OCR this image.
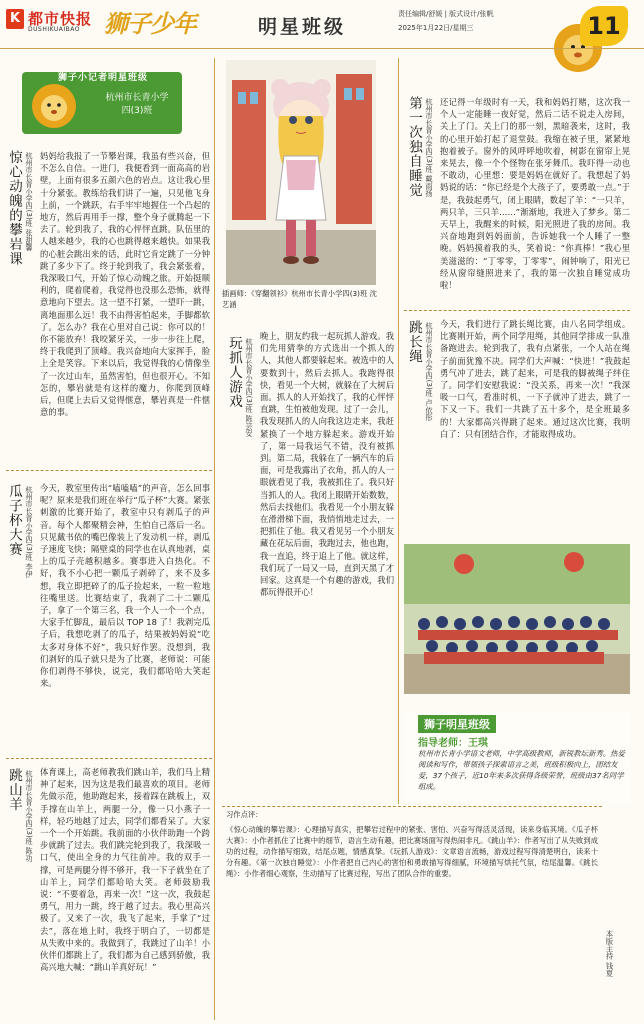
K 都市快报
DUSHIKUAIBAO 狮子少年	明星班级
责任编辑/舒媛 | 版式设计/张帆
2025年1月22日/星期三	11
狮子小记者明星班级
杭州市长青小学
四(3)班
惊心动魄的攀岩课 杭州市长青小学四(3)班 张甜馨 妈妈给我报了一节攀岩课，我虽有些兴奋，但不怎么自信。一进门，我便看到一面高高的岩壁，上面有很多五颜六色的岩点。这让我心里十分紧张。教练给我们讲了一遍，只见他飞身上前，一个跳跃，右手牢牢地握住一个凸起的地方，然后再用手一撑，整个身子就腾起一下去了。轮到我了，我的心怦怦直跳。队伍里的人越来越少，我的心也跳得越来越快。如果我的心脏会跳出来的话，此时它肯定跳了一分钟跳了多少下了。终于轮到我了，我会紧张着，我深吸口气，开始了惊心动魄之旅。开始挺顺利的，爬着爬着，我觉得也没那么恐怖，就得意地向下望去。这一望不打紧，一望吓一跳，离地面那么远！我不由得害怕起来，手脚都软了。怎么办？我在心里对自己说：你可以的！你不能放弃！我咬紧牙关，一步一步往上爬，终于我爬到了顶峰。我兴奋地向大家挥手，脸上全是笑容。下来以后，我觉得我的心情像坐了一次过山车，虽然害怕，但也很开心。不知怎的，攀岩就是有这样的魔力，你爬到顶峰后，但爬上去后又觉得惬意，攀岩真是一件惬意的事。
瓜子杯大赛 杭州市长青小学四(3)班 李伊 今天，教室里传出“嗑嗑嗑”的声音，怎么回事呢？原来是我们班在举行“瓜子杯”大赛。紧张刺激的比赛开始了，教室中只有剥瓜子的声音。每个人都聚精会神，生怕自己落后一名。只见戴书依的嘴巴像装上了发动机一样，剥瓜子速度飞快；隔壁桌的同学也在认真地剥，桌上的瓜子壳越积越多。赛事进入白热化。不好，我不小心把一颗瓜子剥碎了，来不及多想，我立即把碎了的瓜子捡起来，一粒一粒地往嘴里送。比赛结束了，我剥了二十二颗瓜子，拿了一个第三名，我一个人一个一个点，大家手忙脚乱，最后以 TOP 18 了！我剥完瓜子后，我想吃剥了的瓜子，结果被妈妈说“吃太多对身体不好”，我只好作罢。没想到，我们剥好的瓜子就只是为了比赛，老师说：可能你们剥得不够快，说完，我们都哈哈大笑起来。
跳山羊 杭州市长青小学四(3)班 陈功 体育课上，高老师教我们跳山羊，我们马上精神了起来，因为这是我们最喜欢的项目。老师先做示范，他助跑起来，接着踩在跳板上，双手撑在山羊上，两腿一分，像一只小燕子一样，轻巧地越了过去，同学们都看呆了。大家一个一个开始跳。我前面的小伙伴助跑一个跨步就跳了过去。我们跳完轮到我了，我深吸一口气，使出全身的力气往前冲。我的双手一撑，可是两腿分得不够开，我一下子就坐在了山羊上，同学们都哈哈大笑。老师鼓励我说：“不要着急，再来一次！”这一次，我鼓起勇气，用力一跳，终于越了过去。我心里高兴极了。又来了一次，我飞了起来，手掌了“过去”，落在地上时，我终于明白了，一切都是从失败中来的。我做到了，我跳过了山羊！小伙伴们都跳上了，我们都为自己感到骄傲，我高兴地大喊：“跳山羊真好玩！”
插画师：《穿翻领衫》杭州市长青小学四(3)班 沈艺涵
玩抓人游戏 杭州市长青小学四(3)班 陈芸安
晚上，朋友约我一起玩抓人游戏。我们先用猜拳的方式选出一个抓人的人，其他人都要躲起来。被选中的人要数到十，然后去抓人。我跑得很快，看见一个大树，就躲在了大树后面。抓人的人开始找了，我的心怦怦直跳，生怕被他发现。过了一会儿，我发现抓人的人向我这边走来，我赶紧换了一个地方躲起来。游戏开始了，第一局我运气不错，没有被抓到。第二局，我躲在了一辆汽车的后面，可是我露出了衣角，抓人的人一眼就看见了我，我被抓住了。我只好当抓人的人。我闭上眼睛开始数数，然后去找他们。我看见一个小朋友躲在滑滑梯下面，我悄悄地走过去，一把抓住了他。我又看见另一个小朋友藏在花坛后面，我跑过去，他也跑，我一直追，终于追上了他。就这样，我们玩了一局又一局，直到天黑了才回家。这真是一个有趣的游戏，我们都玩得很开心！
第一次独自睡觉 杭州市长青小学四(3)班 戴雨扬 还记得一年级时有一天，我和妈妈打赌，这次我一个人一定能睡一夜好觉，然后二话不说走入房间，关上了门。关上门的那一刻，黑暗袭来，这时，我的心里开始打起了退堂鼓。我缩在被子里，紧紧地抱着被子。窗外的风呼呼地吹着，树影在窗帘上晃来晃去，像一个个怪物在张牙舞爪。我吓得一动也不敢动，心里想：要是妈妈在就好了。我想起了妈妈说的话：“你已经是个大孩子了，要勇敢一点。”于是，我鼓起勇气，闭上眼睛，数起了羊：“一只羊，两只羊，三只羊……”渐渐地，我进入了梦乡。第二天早上，我醒来的时候，阳光照进了我的房间。我兴奋地跑到妈妈面前，告诉她我一个人睡了一整晚。妈妈摸着我的头，笑着说：“你真棒！”我心里美滋滋的：“丁零零，丁零零”，闹钟响了，阳光已经从窗帘缝照进来了，我的第一次独自睡觉成功啦！
跳长绳 杭州市长青小学四(3)班 卢依彤 今天，我们进行了跳长绳比赛，由八名同学组成。比赛刚开始，两个同学甩绳，其他同学排成一队准备跑进去。轮到我了，我有点紧张，一个人站在绳子前面犹豫不决。同学们大声喊：“快进！”我鼓起勇气冲了进去，跳了起来，可是我的脚被绳子绊住了。同学们安慰我说：“没关系，再来一次！”我深吸一口气，看准时机，一下子就冲了进去，跳了一下又一下。我们一共跳了五十多个，是全班最多的！大家都高兴得跳了起来。通过这次比赛，我明白了：只有团结合作，才能取得成功。
狮子明星班级
指导老师：王琪
杭州市长青小学语文老师，中学高级教师，新锐教坛新秀。热爱阅读和写作，带领孩子探索语言之美，班级积极向上，团结友爱，37个孩子，近10年来多次获得各级荣誉，班级由37名同学组成。
习作点评：
《惊心动魄的攀岩课》：心理描写真实，把攀岩过程中的紧张、害怕、兴奋写得活灵活现，读来身临其境。《瓜子杯大赛》：小作者抓住了比赛中的细节，语言生动有趣，把比赛场面写得热闹非凡。《跳山羊》：作者写出了从失败到成功的过程，动作描写细致，结尾点题，情感真挚。《玩抓人游戏》：文章语言流畅，游戏过程写得清楚明白，读来十分有趣。《第一次独自睡觉》：小作者把自己内心的害怕和勇敢描写得细腻，环境描写烘托气氛，结尾温馨。《跳长绳》：小作者细心观察，生动描写了比赛过程，写出了团队合作的重要。
本版主持 钱夏
